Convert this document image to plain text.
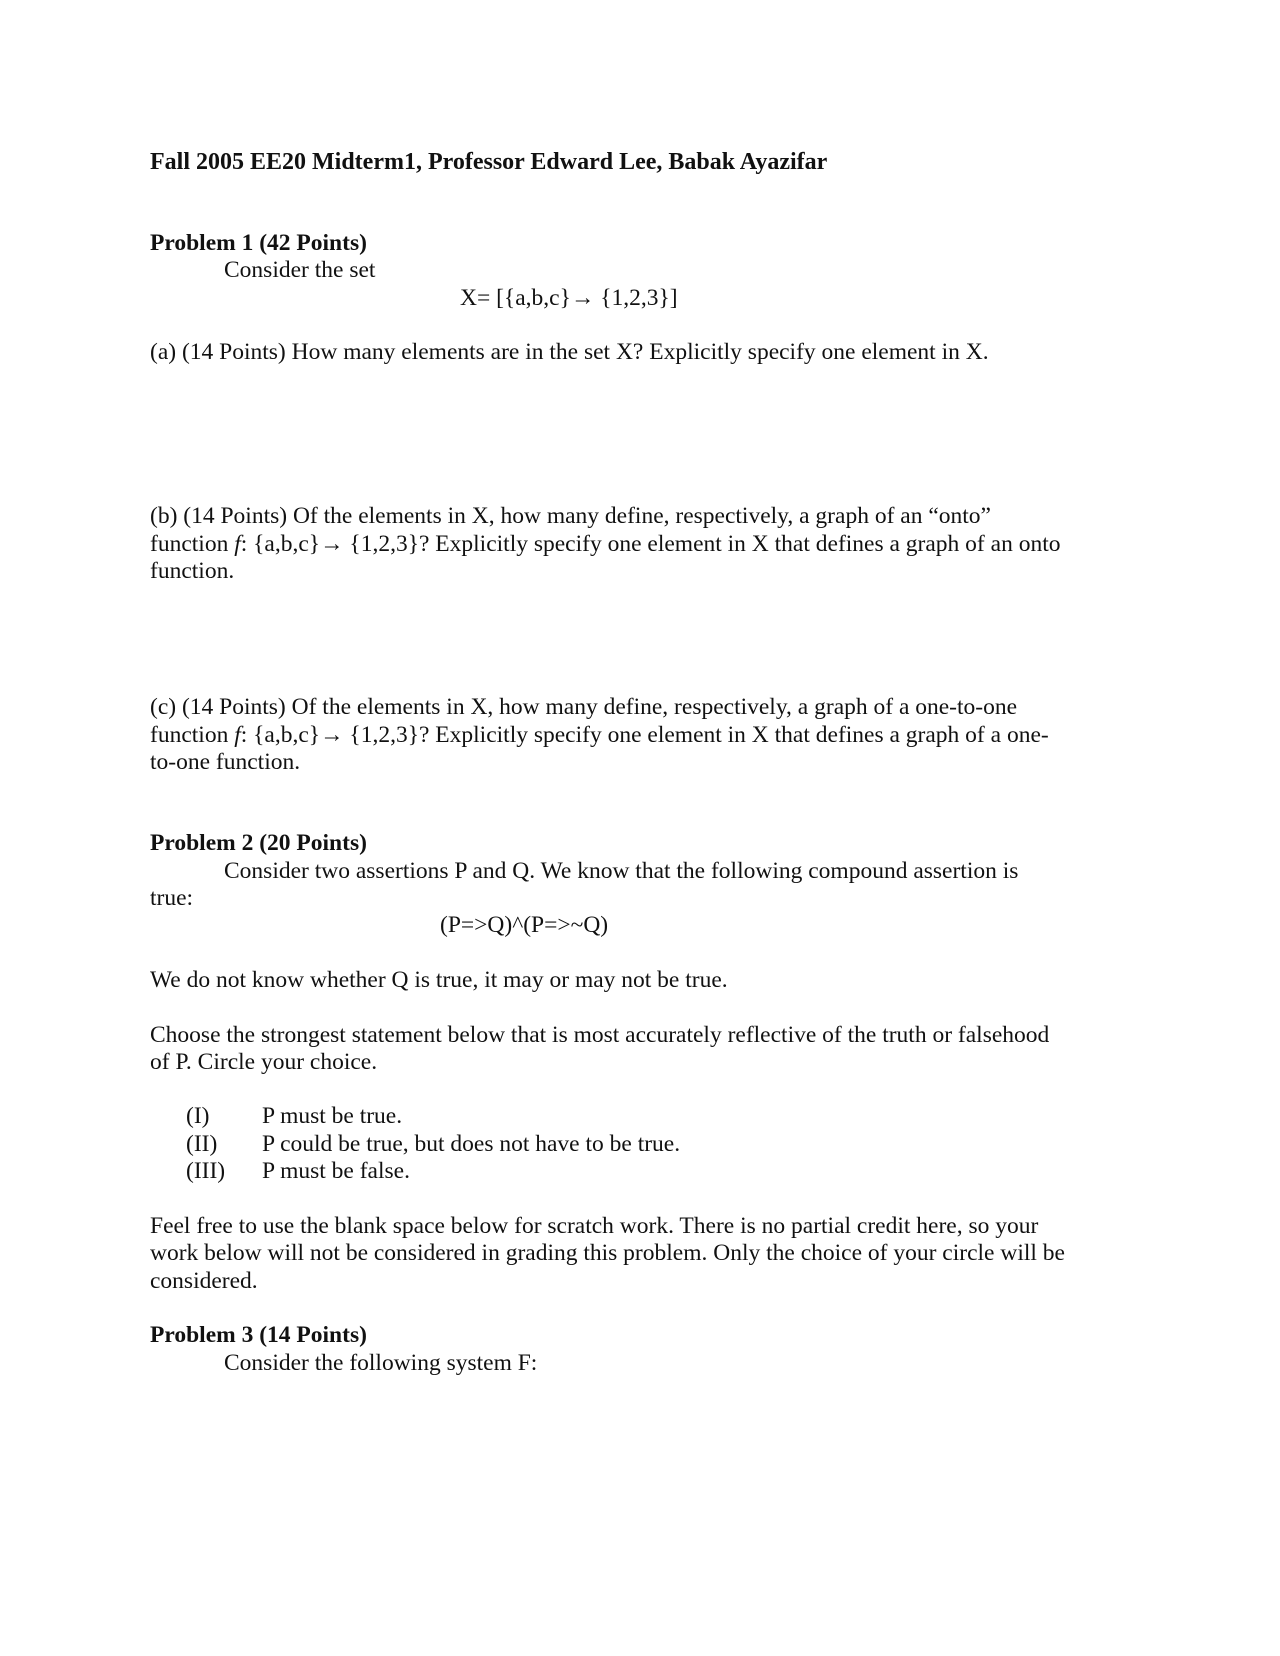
Fall 2005 EE20 Midterm1, Professor Edward Lee, Babak Ayazifar
Problem 1 (42 Points)
Consider the set
X= [{a,b,c}→ {1,2,3}]
(a) (14 Points) How many elements are in the set X? Explicitly specify one element in X.
(b) (14 Points) Of the elements in X, how many define, respectively, a graph of an “onto”
function f: {a,b,c}→ {1,2,3}? Explicitly specify one element in X that defines a graph of an onto
function.
(c) (14 Points) Of the elements in X, how many define, respectively, a graph of a one-to-one
function f: {a,b,c}→ {1,2,3}? Explicitly specify one element in X that defines a graph of a one-
to-one function.
Problem 2 (20 Points)
Consider two assertions P and Q. We know that the following compound assertion is
true:
(P=>Q)^(P=>~Q)
We do not know whether Q is true, it may or may not be true.
Choose the strongest statement below that is most accurately reflective of the truth or falsehood
of P. Circle your choice.
(I) P must be true.
(II) P could be true, but does not have to be true.
(III) P must be false.
Feel free to use the blank space below for scratch work. There is no partial credit here, so your
work below will not be considered in grading this problem. Only the choice of your circle will be
considered.
Problem 3 (14 Points)
Consider the following system F:
